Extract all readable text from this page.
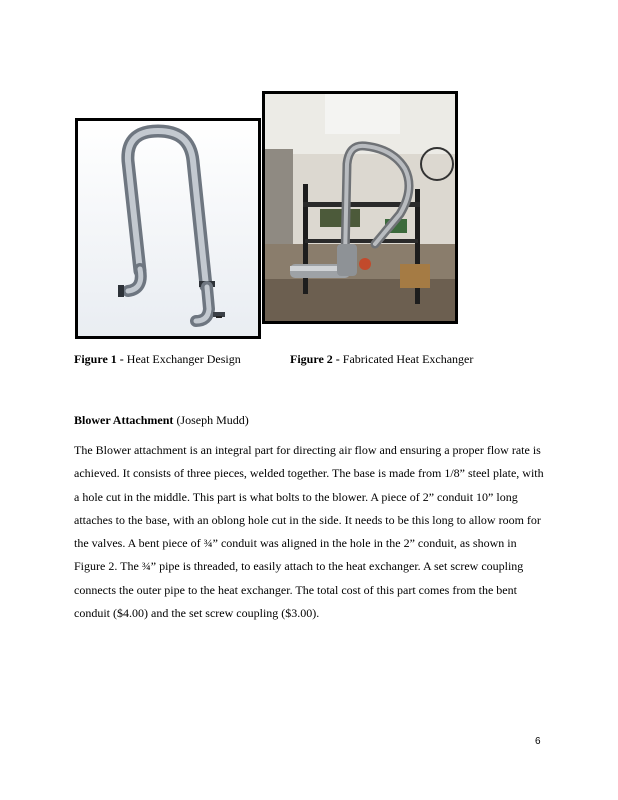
Figure 1 - Heat Exchanger Design	Figure 2 - Fabricated Heat Exchanger
Blower Attachment (Joseph Mudd)

The Blower attachment is an integral part for directing air flow and ensuring a proper flow rate is achieved. It consists of three pieces, welded together. The base is made from 1/8” steel plate, with a hole cut in the middle. This part is what bolts to the blower. A piece of 2” conduit 10” long attaches to the base, with an oblong hole cut in the side. It needs to be this long to allow room for the valves. A bent piece of ¾” conduit was aligned in the hole in the 2” conduit, as shown in Figure 2. The ¾” pipe is threaded, to easily attach to the heat exchanger. A set screw coupling connects the outer pipe to the heat exchanger. The total cost of this part comes from the bent conduit ($4.00) and the set screw coupling ($3.00).

6
